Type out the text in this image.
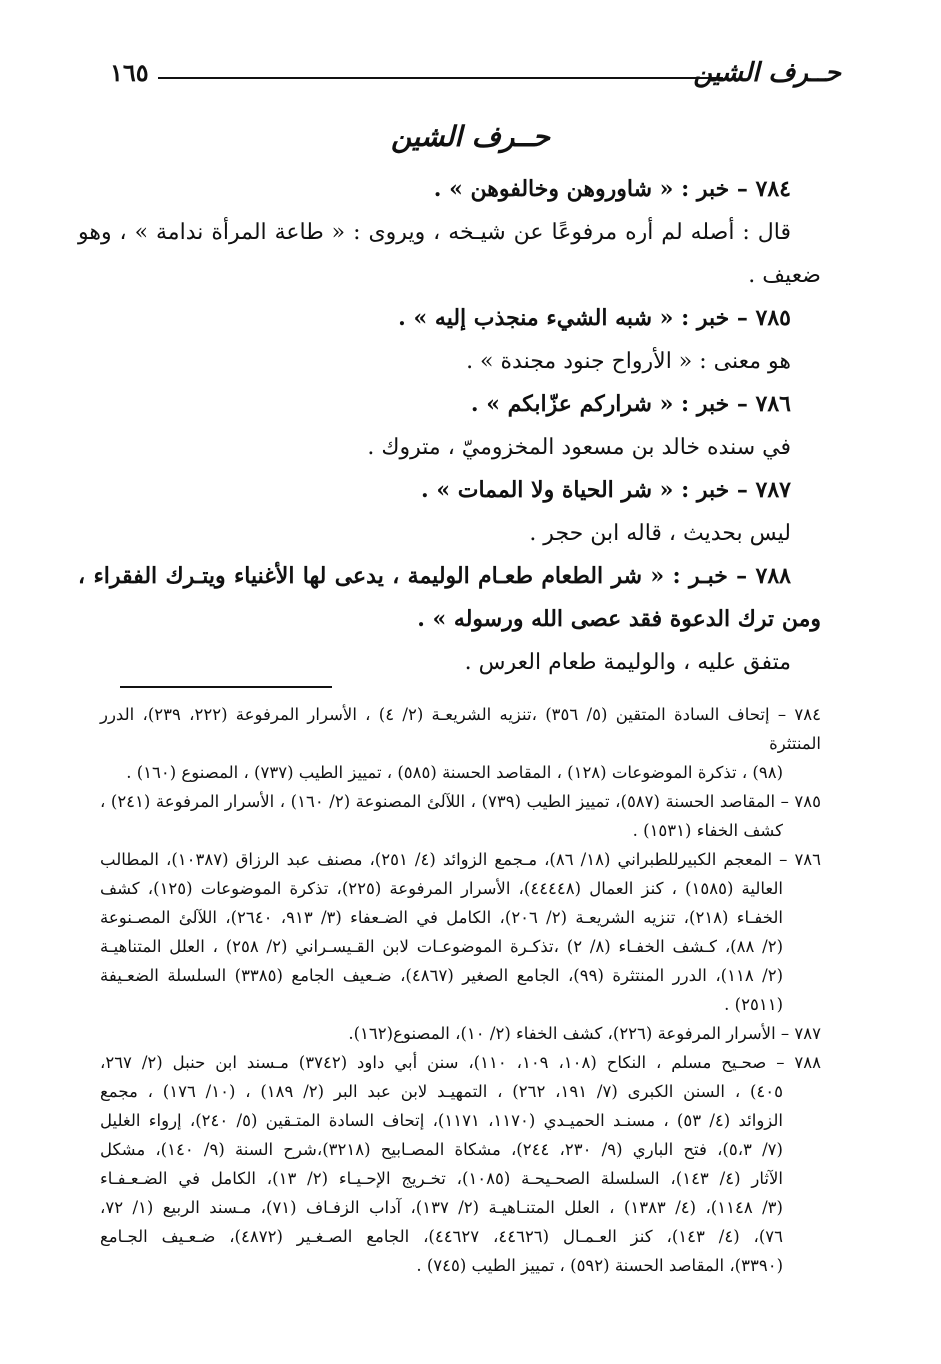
حــرف الشين
١٦٥
حــرف الشين
٧٨٤ – خبر : « شاوروهن وخالفوهن » .
قال : أصله لم أره مرفوعًا عن شيـخه ، ويروى : « طاعة المرأة ندامة » ، وهو
ضعيف .
٧٨٥ – خبر : « شبه الشيء منجذب إليه » .
هو معنى : « الأرواح جنود مجندة » .
٧٨٦ – خبر : « شراركم عزّابكم » .
في سنده خالد بن مسعود المخزوميّ ، متروك .
٧٨٧ – خبر : « شر الحياة ولا الممات » .
ليس بحديث ، قاله ابن حجر .
٧٨٨ – خبـر : « شر الطعام طعـام الوليمة ، يدعى لها الأغنياء ويتـرك الفقراء ،
ومن ترك الدعوة فقد عصى الله ورسوله » .
متفق عليه ، والوليمة طعام العرس .
٧٨٤ – إتحاف السادة المتقين (٥/ ٣٥٦) ،تنزيه الشريعـة (٢/ ٤) ، الأسرار المرفوعة (٢٢٢، ٢٣٩)، الدرر المنتثرة
(٩٨) ، تذكرة الموضوعات (١٢٨) ، المقاصد الحسنة (٥٨٥) ، تمييز الطيب (٧٣٧) ، المصنوع (١٦٠) .
٧٨٥ – المقاصد الحسنة (٥٨٧)، تمييز الطيب (٧٣٩) ، اللآلئ المصنوعة (٢/ ١٦٠) ، الأسرار المرفوعة (٢٤١) ،
كشف الخفاء (١٥٣١) .
٧٨٦ – المعجم الكبيرللطبراني (١٨/ ٨٦)، مـجمع الزوائد (٤/ ٢٥١)، مصنف عبد الرزاق (١٠٣٨٧)، المطالب
العالية (١٥٨٥) ، كنز العمال (٤٤٤٤٨)، الأسرار المرفوعة (٢٢٥)، تذكرة الموضوعات (١٢٥)، كشف
الخفـاء (٢١٨)، تنزيه الشريعـة (٢/ ٢٠٦)، الكامل في الضـعفاء (٣/ ٩١٣، ٢٦٤٠)، اللآلئ المصـنوعة
(٢/ ٨٨)، كـشف الخفـاء (٨/ ٢) ،تذكـرة الموضوعـات لابن القـيسـراني (٢/ ٢٥٨) ، العلل المتناهيـة
(٢/ ١١٨)، الدرر المنتثرة (٩٩)، الجامع الصغير (٤٨٦٧)، ضـعيف الجامع (٣٣٨٥) السلسلة الضعـيفة
(٢٥١١) .
٧٨٧ – الأسرار المرفوعة (٢٢٦)، كشف الخفاء (٢/ ١٠)، المصنوع(١٦٢).
٧٨٨ – صحـيح مسلم ، النكاح (١٠٨، ١٠٩، ١١٠)، سنن أبي داود (٣٧٤٢) مـسند ابن حنبل (٢/ ٢٦٧،
٤٠٥) ، السنن الكبرى (٧/ ١٩١، ٢٦٢) ، التمهيـد لابن عبد البر (٢/ ١٨٩) ، (١٠/ ١٧٦) ، مجمع
الزوائد (٤/ ٥٣) ، مسنـد الحميـدي (١١٧٠، ١١٧١)، إتحاف السادة المتـقين (٥/ ٢٤٠)، إرواء الغليل
(٧/ ٥،٣)، فتح الباري (٩/ ٢٣٠، ٢٤٤)، مشكاة المصـابيح (٣٢١٨)،شرح السنة (٩/ ١٤٠)، مشكل
الآثار (٤/ ١٤٣)، السلسلة الصحـيحـة (١٠٨٥)، تخـريج الإحـيـاء (٢/ ١٣)، الكامل في الضـعـفـاء
(٣/ ١١٤٨)، (٤/ ١٣٨٣) ، العلل المتنـاهيـة (٢/ ١٣٧)، آداب الزفـاف (٧١)، مـسند الربيع (١/ ٧٢،
٧٦)، (٤/ ١٤٣)، كنز العـمـال (٤٤٦٢٦، ٤٤٦٢٧)، الجامع الصـغـير (٤٨٧٢)، ضـعـيف الجـامع
(٣٣٩٠)، المقاصد الحسنة (٥٩٢) ، تمييز الطيب (٧٤٥) .
